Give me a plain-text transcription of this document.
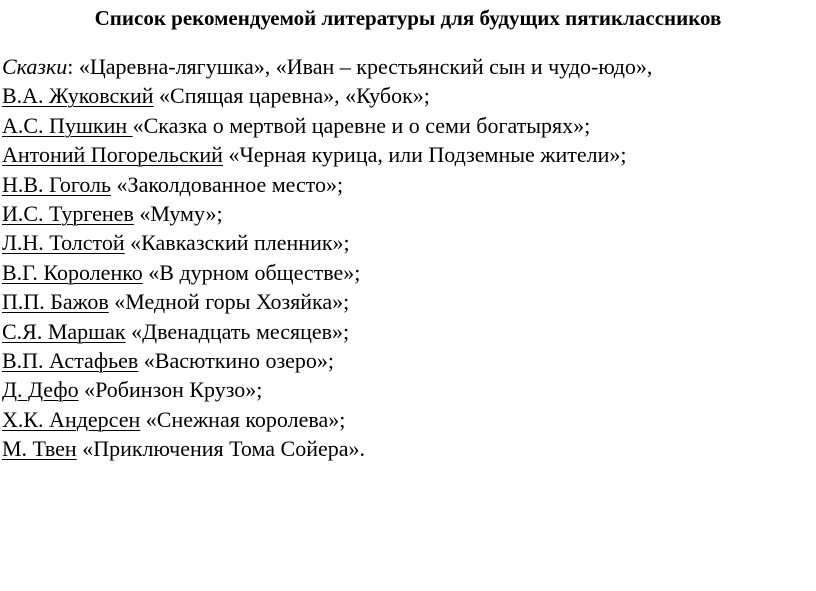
Список рекомендуемой литературы для будущих пятиклассников
Сказки: «Царевна-лягушка», «Иван – крестьянский сын и чудо-юдо»,
В.А. Жуковский «Спящая царевна», «Кубок»;
А.С. Пушкин «Сказка о мертвой царевне и о семи богатырях»;
Антоний Погорельский «Черная курица, или Подземные жители»;
Н.В. Гоголь «Заколдованное место»;
И.С. Тургенев «Муму»;
Л.Н. Толстой «Кавказский пленник»;
В.Г. Короленко «В дурном обществе»;
П.П. Бажов «Медной горы Хозяйка»;
С.Я. Маршак «Двенадцать месяцев»;
В.П. Астафьев «Васюткино озеро»;
Д. Дефо «Робинзон Крузо»;
Х.К. Андерсен «Снежная королева»;
М. Твен «Приключения Тома Сойера».
